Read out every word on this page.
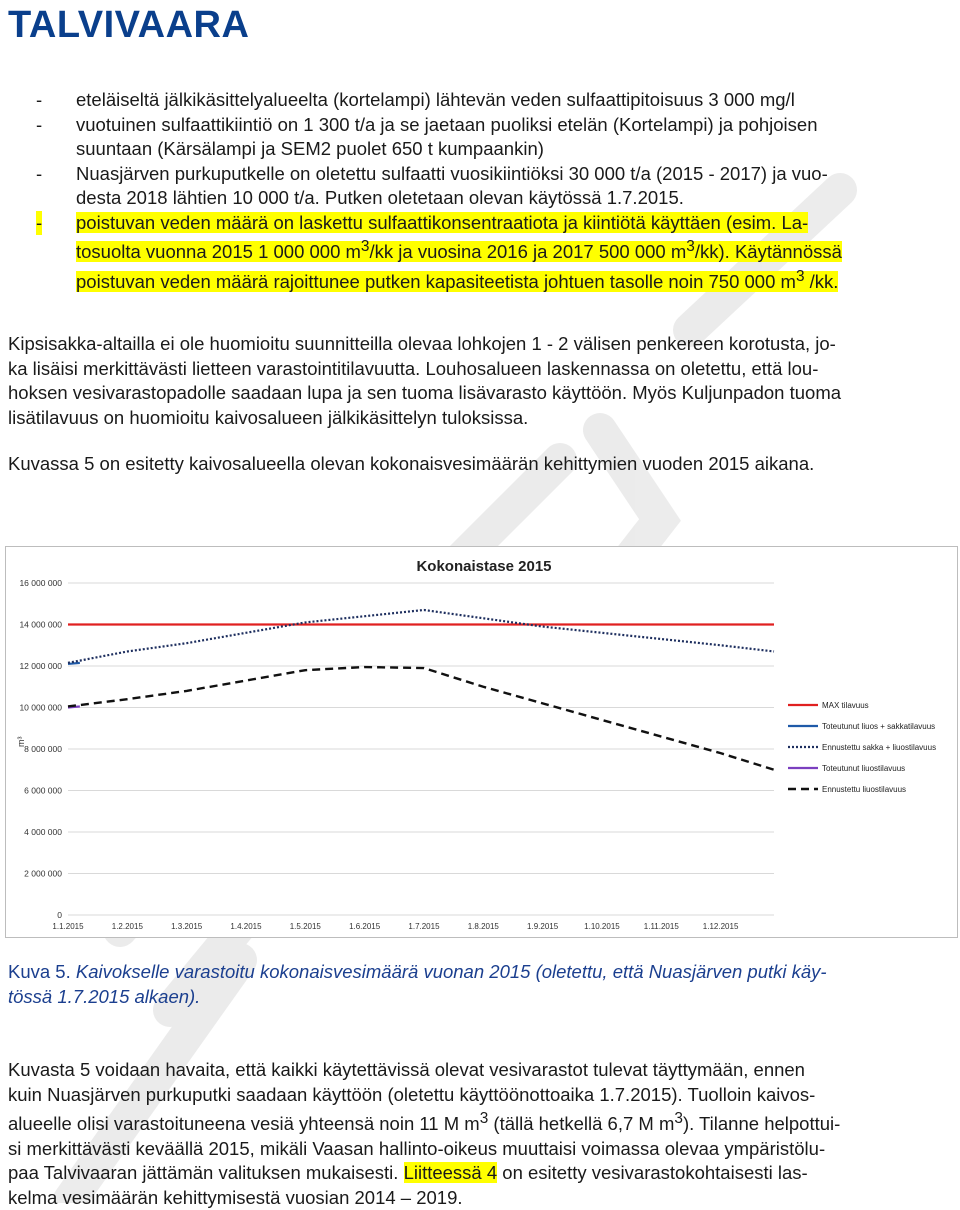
TALVIVAARA
- eteläiseltä jälkikäsittelyalueelta (kortelampi) lähtevän veden sulfaattipitoisuus 3 000 mg/l
- vuotuinen sulfaattikiintiö on 1 300 t/a ja se jaetaan puoliksi etelän (Kortelampi) ja pohjoisen
suuntaan (Kärsälampi ja SEM2 puolet 650 t kumpaankin)
- Nuasjärven purkuputkelle on oletettu sulfaatti vuosikiintiöksi 30 000 t/a (2015 - 2017) ja vuo-
desta 2018 lähtien 10 000 t/a. Putken oletetaan olevan käytössä 1.7.2015.
- poistuvan veden määrä on laskettu sulfaattikonsentraatiota ja kiintiötä käyttäen (esim. La-
tosuolta vuonna 2015 1 000 000 $m^3/kk$ ja vuosina 2016 ja 2017 500 000 $m^3/kk$). Käytännössä
poistuvan veden määrä rajoittunee putken kapasiteetista johtuen tasolle noin 750 000 $m^3$ /kk.
Kipsisakka-altailla ei ole huomioitu suunnitteilla olevaa lohkojen 1 - 2 välisen penkereen korotusta, jo-
ka lisäisi merkittävästi lietteen varastointitilavuutta. Louhosalueen laskennassa on oletettu, että lou-
hoksen vesivarastopadolle saadaan lupa ja sen tuoma lisävarasto käyttöön. Myös Kuljunpadon tuoma
lisätilavuus on huomioitu kaivosalueen jälkikäsittelyn tuloksissa.
Kuvassa 5 on esitetty kaivosalueella olevan kokonaisvesimäärän kehittymien vuoden 2015 aikana.
Kokonaistase 2015
0
2 000 000
4 000 000
6 000 000
8 000 000
10 000 000
12 000 000
14 000 000
16 000 000
m³
1.1.2015	1.2.2015	1.3.2015	1.4.2015	1.5.2015	1.6.2015	1.7.2015	1.8.2015	1.9.2015	1.10.2015	1.11.2015	1.12.2015
MAX tilavuus
Toteutunut liuos + sakkatilavuus
Ennustettu sakka + liuostilavuus
Toteutunut liuostilavuus
Ennustettu liuostilavuus
Kuva 5. Kaivokselle varastoitu kokonaisvesimäärä vuonan 2015 (oletettu, että Nuasjärven putki käy-
tössä 1.7.2015 alkaen).
Kuvasta 5 voidaan havaita, että kaikki käytettävissä olevat vesivarastot tulevat täyttymään, ennen
kuin Nuasjärven purkuputki saadaan käyttöön (oletettu käyttöönottoaika 1.7.2015). Tuolloin kaivos-
alueelle olisi varastoituneena vesiä yhteensä noin 11 M $m^3$ (tällä hetkellä 6,7 M $m^3$). Tilanne helpottui-
si merkittävästi keväällä 2015, mikäli Vaasan hallinto-oikeus muuttaisi voimassa olevaa ympäristölu-
paa Talvivaaran jättämän valituksen mukaisesti. Liitteessä 4 on esitetty vesivarastokohtaisesti las-
kelma vesimäärän kehittymisestä vuosian 2014 – 2019.
